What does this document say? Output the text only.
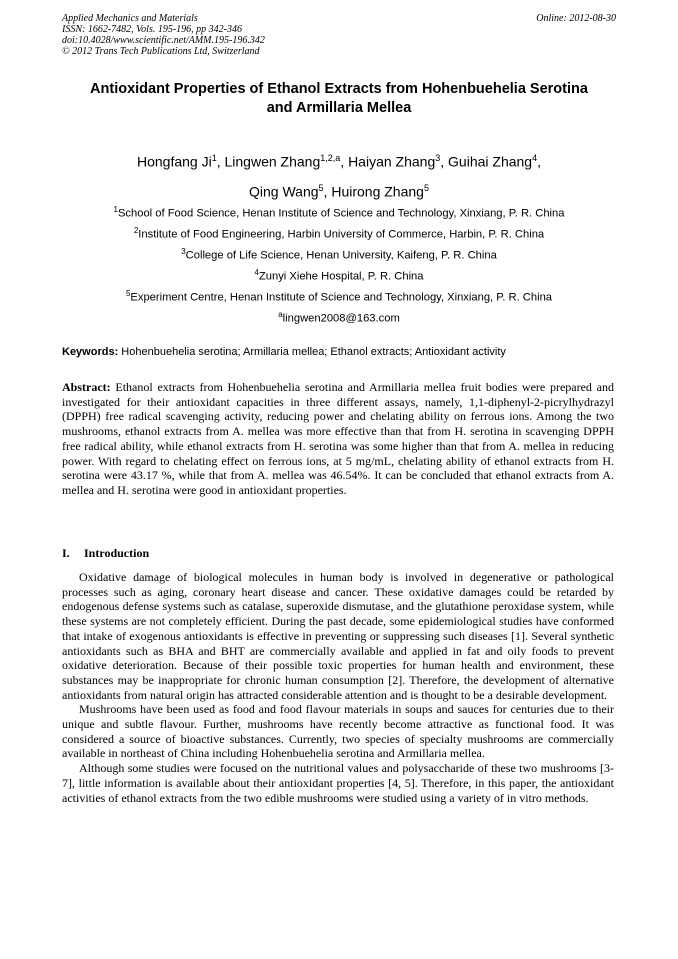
Applied Mechanics and Materials
ISSN: 1662-7482, Vols. 195-196, pp 342-346
doi:10.4028/www.scientific.net/AMM.195-196.342
© 2012 Trans Tech Publications Ltd, Switzerland
Online: 2012-08-30
Antioxidant Properties of Ethanol Extracts from Hohenbuehelia Serotina
and Armillaria Mellea
Hongfang Ji$^1$, Lingwen Zhang$^{1,2,a}$, Haiyan Zhang$^3$, Guihai Zhang$^4$,
Qing Wang$^5$, Huirong Zhang$^5$
$^1$School of Food Science, Henan Institute of Science and Technology, Xinxiang, P. R. China
$^2$Institute of Food Engineering, Harbin University of Commerce, Harbin, P. R. China
$^3$College of Life Science, Henan University, Kaifeng, P. R. China
$^4$Zunyi Xiehe Hospital, P. R. China
$^5$Experiment Centre, Henan Institute of Science and Technology, Xinxiang, P. R. China
$^a$lingwen2008@163.com
Keywords: Hohenbuehelia serotina; Armillaria mellea; Ethanol extracts; Antioxidant activity
Abstract: Ethanol extracts from Hohenbuehelia serotina and Armillaria mellea fruit bodies were prepared and investigated for their antioxidant capacities in three different assays, namely, 1,1-diphenyl-2-picrylhydrazyl (DPPH) free radical scavenging activity, reducing power and chelating ability on ferrous ions. Among the two mushrooms, ethanol extracts from A. mellea was more effective than that from H. serotina in scavenging DPPH free radical ability, while ethanol extracts from H. serotina was some higher than that from A. mellea in reducing power. With regard to chelating effect on ferrous ions, at 5 mg/mL, chelating ability of ethanol extracts from H. serotina were 43.17 %, while that from A. mellea was 46.54%. It can be concluded that ethanol extracts from A. mellea and H. serotina were good in antioxidant properties.
I. Introduction

Oxidative damage of biological molecules in human body is involved in degenerative or pathological processes such as aging, coronary heart disease and cancer. These oxidative damages could be retarded by endogenous defense systems such as catalase, superoxide dismutase, and the glutathione peroxidase system, while these systems are not completely efficient. During the past decade, some epidemiological studies have conformed that intake of exogenous antioxidants is effective in preventing or suppressing such diseases [1]. Several synthetic antioxidants such as BHA and BHT are commercially available and applied in fat and oily foods to prevent oxidative deterioration. Because of their possible toxic properties for human health and environment, these substances may be inappropriate for chronic human consumption [2]. Therefore, the development of alternative antioxidants from natural origin has attracted considerable attention and is thought to be a desirable development.

Mushrooms have been used as food and food flavour materials in soups and sauces for centuries due to their unique and subtle flavour. Further, mushrooms have recently become attractive as functional food. It was considered a source of bioactive substances. Currently, two species of specialty mushrooms are commercially available in northeast of China including Hohenbuehelia serotina and Armillaria mellea.

Although some studies were focused on the nutritional values and polysaccharide of these two mushrooms [3-7], little information is available about their antioxidant properties [4, 5]. Therefore, in this paper, the antioxidant activities of ethanol extracts from the two edible mushrooms were studied using a variety of in vitro methods.
